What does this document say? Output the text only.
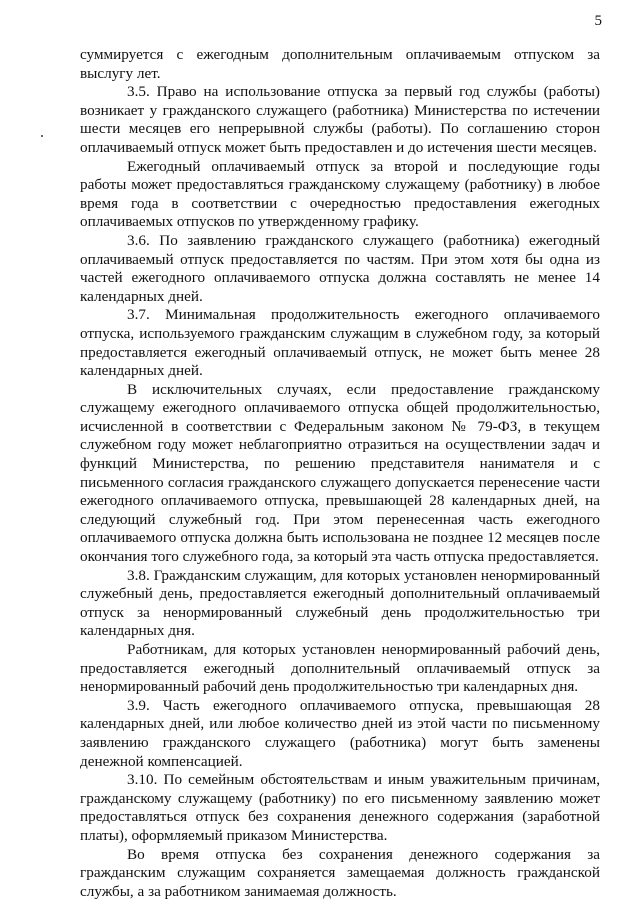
5

суммируется с ежегодным дополнительным оплачиваемым отпуском за выслугу лет.

3.5. Право на использование отпуска за первый год службы (работы) возникает у гражданского служащего (работника) Министерства по истечении шести месяцев его непрерывной службы (работы). По соглашению сторон оплачиваемый отпуск может быть предоставлен и до истечения шести месяцев.

Ежегодный оплачиваемый отпуск за второй и последующие годы работы может предоставляться гражданскому служащему (работнику) в любое время года в соответствии с очередностью предоставления ежегодных оплачиваемых отпусков по утвержденному графику.

3.6. По заявлению гражданского служащего (работника) ежегодный оплачиваемый отпуск предоставляется по частям. При этом хотя бы одна из частей ежегодного оплачиваемого отпуска должна составлять не менее 14 календарных дней.

3.7. Минимальная продолжительность ежегодного оплачиваемого отпуска, используемого гражданским служащим в служебном году, за который предоставляется ежегодный оплачиваемый отпуск, не может быть менее 28 календарных дней.

В исключительных случаях, если предоставление гражданскому служащему ежегодного оплачиваемого отпуска общей продолжительностью, исчисленной в соответствии с Федеральным законом № 79-ФЗ, в текущем служебном году может неблагоприятно отразиться на осуществлении задач и функций Министерства, по решению представителя нанимателя и с письменного согласия гражданского служащего допускается перенесение части ежегодного оплачиваемого отпуска, превышающей 28 календарных дней, на следующий служебный год. При этом перенесенная часть ежегодного оплачиваемого отпуска должна быть использована не позднее 12 месяцев после окончания того служебного года, за который эта часть отпуска предоставляется.

3.8. Гражданским служащим, для которых установлен ненормированный служебный день, предоставляется ежегодный дополнительный оплачиваемый отпуск за ненормированный служебный день продолжительностью три календарных дня.

Работникам, для которых установлен ненормированный рабочий день, предоставляется ежегодный дополнительный оплачиваемый отпуск за ненормированный рабочий день продолжительностью три календарных дня.

3.9. Часть ежегодного оплачиваемого отпуска, превышающая 28 календарных дней, или любое количество дней из этой части по письменному заявлению гражданского служащего (работника) могут быть заменены денежной компенсацией.

3.10. По семейным обстоятельствам и иным уважительным причинам, гражданскому служащему (работнику) по его письменному заявлению может предоставляться отпуск без сохранения денежного содержания (заработной платы), оформляемый приказом Министерства.

Во время отпуска без сохранения денежного содержания за гражданским служащим сохраняется замещаемая должность гражданской службы, а за работником занимаемая должность.
